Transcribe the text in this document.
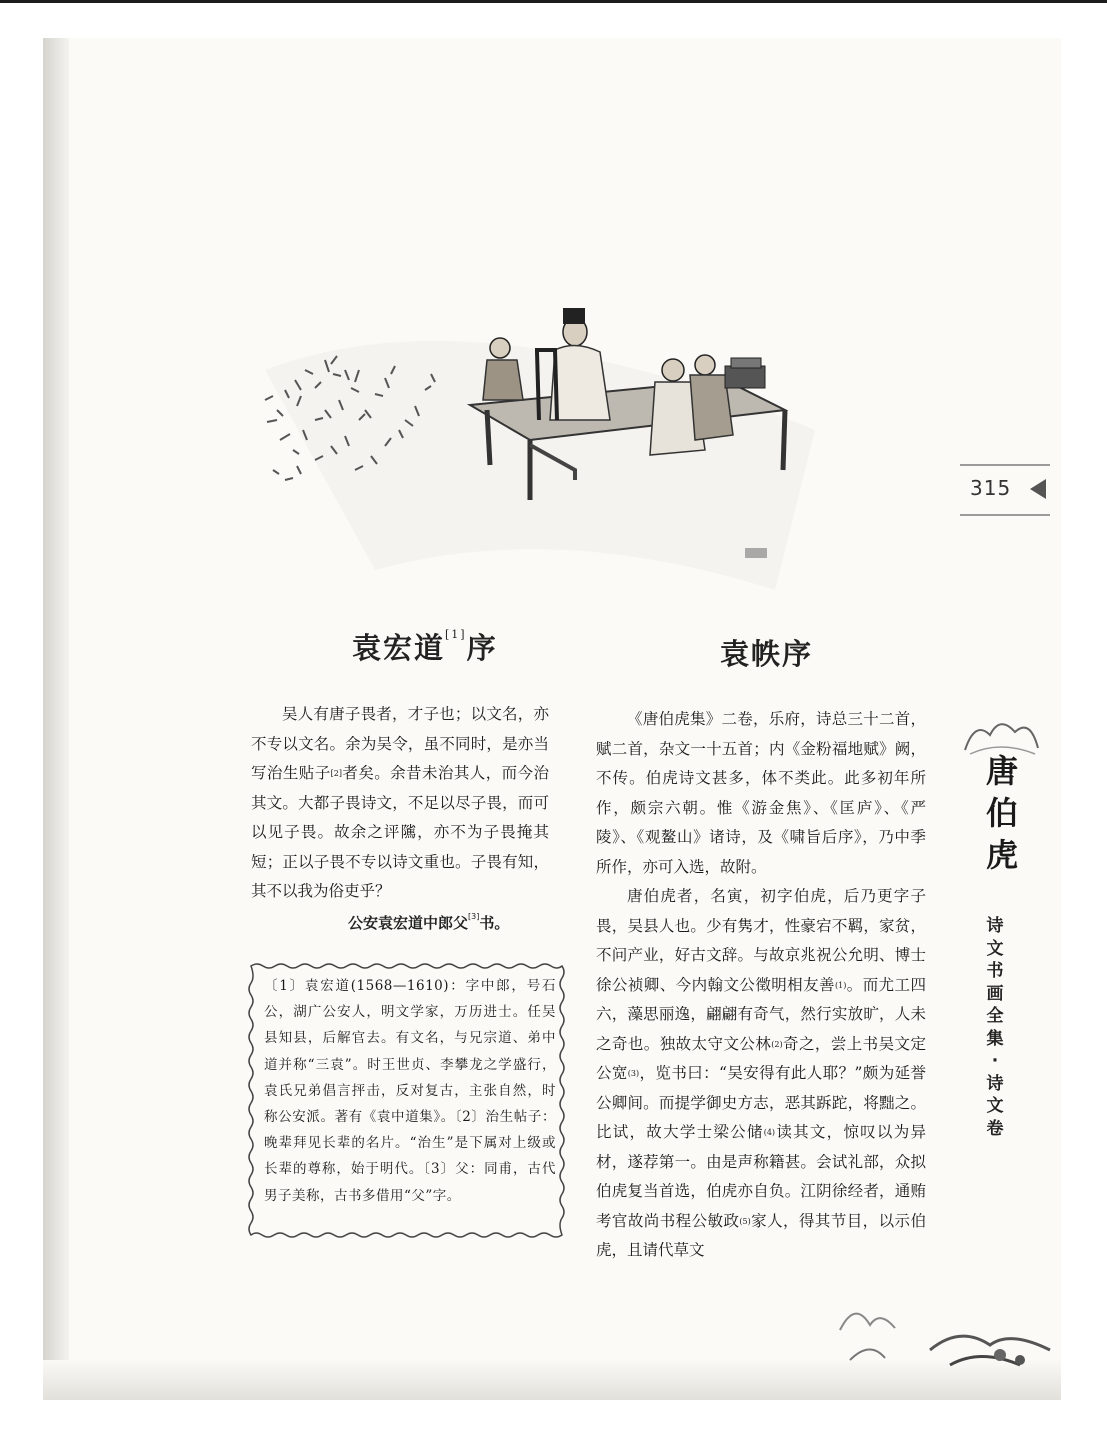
315
袁宏道[1]序

吴人有唐子畏者，才子也；以文名，亦不专以文名。余为吴令，虽不同时，是亦当写治生贴子[2]者矣。余昔未治其人，而今治其文。大都子畏诗文，不足以尽子畏，而可以见子畏。故余之评隲，亦不为子畏掩其短；正以子畏不专以诗文重也。子畏有知，其不以我为俗吏乎？

公安袁宏道中郎父[3]书。

〔1〕袁宏道(1568—1610)：字中郎，号石公，湖广公安人，明文学家，万历进士。任吴县知县，后解官去。有文名，与兄宗道、弟中道并称“三袁”。时王世贞、李攀龙之学盛行，袁氏兄弟倡言抨击，反对复古，主张自然，时称公安派。著有《袁中道集》。〔2〕治生帖子：晚辈拜见长辈的名片。“治生”是下属对上级或长辈的尊称，始于明代。〔3〕父：同甫，古代男子美称，古书多借用“父”字。

袁帙序

《唐伯虎集》二卷，乐府，诗总三十二首，赋二首，杂文一十五首；内《金粉福地赋》阙，不传。伯虎诗文甚多，体不类此。此多初年所作，颇宗六朝。惟《游金焦》、《匡庐》、《严陵》、《观鳌山》诸诗，及《啸旨后序》，乃中季所作，亦可入选，故附。

唐伯虎者，名寅，初字伯虎，后乃更字子畏，吴县人也。少有隽才，性豪宕不羁，家贫，不问产业，好古文辞。与故京兆祝公允明、博士徐公祯卿、今内翰文公徵明相友善$^{(1)}$。而尤工四六，藻思丽逸，翩翩有奇气，然行实放旷，人未之奇也。独故太守文公林$^{(2)}$奇之，尝上书吴文定公宽$^{(3)}$，览书曰：“吴安得有此人耶？”颇为延誉公卿间。而提学御史方志，恶其跅跎，将黜之。比试，故大学士梁公储$^{(4)}$读其文，惊叹以为异材，遂荐第一。由是声称籍甚。会试礼部，众拟伯虎复当首选，伯虎亦自负。江阴徐经者，通贿考官故尚书程公敏政$^{(5)}$家人，得其节目，以示伯虎，且请代草文

唐
伯
虎
诗
文
书
画
全
集
·
诗
文
卷
